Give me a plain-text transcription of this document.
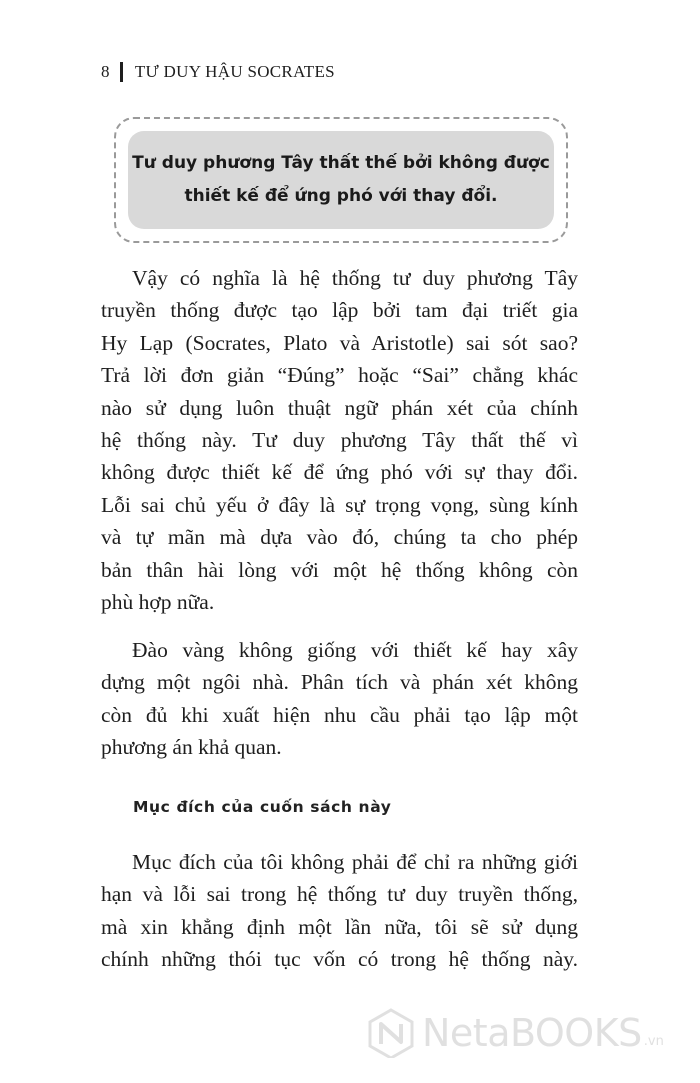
8 TƯ DUY HẬU SOCRATES

Tư duy phương Tây thất thế bởi không được
thiết kế để ứng phó với thay đổi.

Vậy có nghĩa là hệ thống tư duy phương Tây
truyền thống được tạo lập bởi tam đại triết gia
Hy Lạp (Socrates, Plato và Aristotle) sai sót sao?
Trả lời đơn giản “Đúng” hoặc “Sai” chẳng khác
nào sử dụng luôn thuật ngữ phán xét của chính
hệ thống này. Tư duy phương Tây thất thế vì
không được thiết kế để ứng phó với sự thay đổi.
Lỗi sai chủ yếu ở đây là sự trọng vọng, sùng kính
và tự mãn mà dựa vào đó, chúng ta cho phép
bản thân hài lòng với một hệ thống không còn
phù hợp nữa.

Đào vàng không giống với thiết kế hay xây
dựng một ngôi nhà. Phân tích và phán xét không
còn đủ khi xuất hiện nhu cầu phải tạo lập một
phương án khả quan.

Mục đích của cuốn sách này

Mục đích của tôi không phải để chỉ ra những giới
hạn và lỗi sai trong hệ thống tư duy truyền thống,
mà xin khẳng định một lần nữa, tôi sẽ sử dụng
chính những thói tục vốn có trong hệ thống này.

NetaBOOKS .vn
